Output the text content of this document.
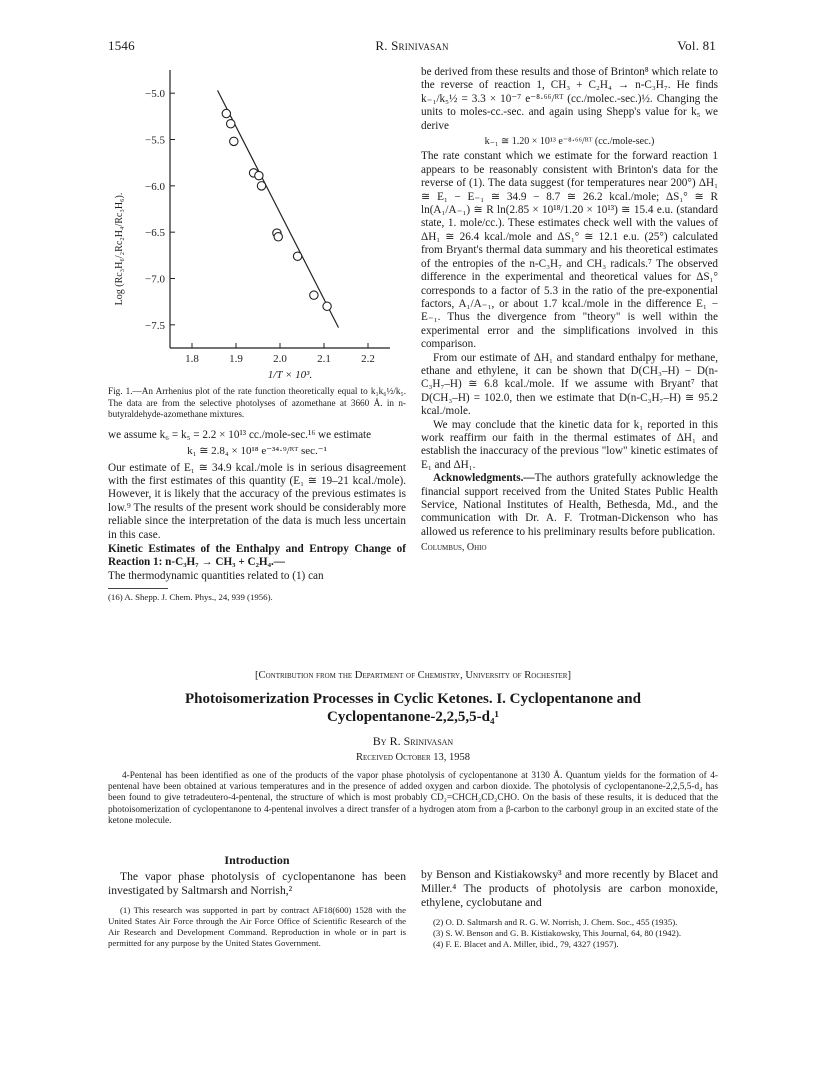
1546	R. Srinivasan	Vol. 81
−5.0
−5.5
−6.0
−6.5
−7.0
−7.5
1.8	1.9	2.0	2.1	2.2
1/T × 10³.
Log (Rc₃H₆/₂Rc₂H₄/Rc₃H₆).

Fig. 1.—An Arrhenius plot of the rate function theoretically equal to k₁k₆½/k₅. The data are from the selective photolyses of azomethane at 3660 Å. in n-butyraldehyde-azomethane mixtures.

we assume k₆ = k₅ = 2.2 × 10¹³ cc./mole-sec.¹⁶ we estimate

k₁ ≅ 2.8₄ × 10¹⁸ e⁻³⁴·⁹/ᴿᵀ sec.⁻¹

Our estimate of E₁ ≅ 34.9 kcal./mole is in serious disagreement with the first estimates of this quantity (E₁ ≅ 19–21 kcal./mole). However, it is likely that the accuracy of the previous estimates is low.⁹ The results of the present work should be considerably more reliable since the interpretation of the data is much less uncertain in this case.

Kinetic Estimates of the Enthalpy and Entropy Change of Reaction 1: n-C₃H₇ → CH₃ + C₂H₄.—

The thermodynamic quantities related to (1) can

(16) A. Shepp. J. Chem. Phys., 24, 939 (1956).

be derived from these results and those of Brinton⁸ which relate to the reverse of reaction 1, CH₃ + C₂H₄ → n-C₃H₇. He finds k₋₁/k₅½ = 3.3 × 10⁻⁷ e⁻⁸·⁶⁶/ᴿᵀ (cc./molec.-sec.)½. Changing the units to moles-cc.-sec. and again using Shepp's value for k₅ we derive

k₋₁ ≅ 1.20 × 10¹³ e⁻⁸·⁶⁶/ᴿᵀ (cc./mole-sec.)

The rate constant which we estimate for the forward reaction 1 appears to be reasonably consistent with Brinton's data for the reverse of (1). The data suggest (for temperatures near 200°) ΔH₁ ≅ E₁ − E₋₁ ≅ 34.9 − 8.7 ≅ 26.2 kcal./mole; ΔS₁° ≅ R ln(A₁/A₋₁) ≅ R ln(2.85 × 10¹⁸/1.20 × 10¹³) ≅ 15.4 e.u. (standard state, 1. mole/cc.). These estimates check well with the values of ΔH₁ ≅ 26.4 kcal./mole and ΔS₁° ≅ 12.1 e.u. (25°) calculated from Bryant's thermal data summary and his theoretical estimates of the entropies of the n-C₃H₇ and CH₃ radicals.⁷ The observed difference in the experimental and theoretical values for ΔS₁° corresponds to a factor of 5.3 in the ratio of the pre-exponential factors, A₁/A₋₁, or about 1.7 kcal./mole in the difference E₁ − E₋₁. Thus the divergence from "theory" is well within the experimental error and the simplifications involved in this comparison.

From our estimate of ΔH₁ and standard enthalpy for methane, ethane and ethylene, it can be shown that D(CH₃–H) − D(n-C₃H₇–H) ≅ 6.8 kcal./mole. If we assume with Bryant⁷ that D(CH₃–H) = 102.0, then we estimate that D(n-C₃H₇–H) ≅ 95.2 kcal./mole.

We may conclude that the kinetic data for k₁ reported in this work reaffirm our faith in the thermal estimates of ΔH₁ and establish the inaccuracy of the previous "low" kinetic estimates of E₁ and ΔH₁.

Acknowledgments.—The authors gratefully acknowledge the financial support received from the United States Public Health Service, National Institutes of Health, Bethesda, Md., and the communication with Dr. A. F. Trotman-Dickenson who has allowed us reference to his preliminary results before publication.

Columbus, Ohio

[Contribution from the Department of Chemistry, University of Rochester]
Photoisomerization Processes in Cyclic Ketones. I. Cyclopentanone and
Cyclopentanone-2,2,5,5-d₄¹
By R. Srinivasan
Received October 13, 1958
4-Pentenal has been identified as one of the products of the vapor phase photolysis of cyclopentanone at 3130 Å. Quantum yields for the formation of 4-pentenal have been obtained at various temperatures and in the presence of added oxygen and carbon dioxide. The photolysis of cyclopentanone-2,2,5,5-d₄ has been found to give tetradeutero-4-pentenal, the structure of which is most probably CD₂=CHCH₂CD₂CHO. On the basis of these results, it is deduced that the photoisomerization of cyclopentanone to 4-pentenal involves a direct transfer of a hydrogen atom from a β-carbon to the carbonyl group in an excited state of the ketone molecule.

Introduction

The vapor phase photolysis of cyclopentanone has been investigated by Saltmarsh and Norrish,²

(1) This research was supported in part by contract AF18(600) 1528 with the United States Air Force through the Air Force Office of Scientific Research of the Air Research and Development Command. Reproduction in whole or in part is permitted for any purpose by the United States Government.

by Benson and Kistiakowsky³ and more recently by Blacet and Miller.⁴ The products of photolysis are carbon monoxide, ethylene, cyclobutane and

(2) O. D. Saltmarsh and R. G. W. Norrish, J. Chem. Soc., 455 (1935).

(3) S. W. Benson and G. B. Kistiakowsky, This Journal, 64, 80 (1942).

(4) F. E. Blacet and A. Miller, ibid., 79, 4327 (1957).
